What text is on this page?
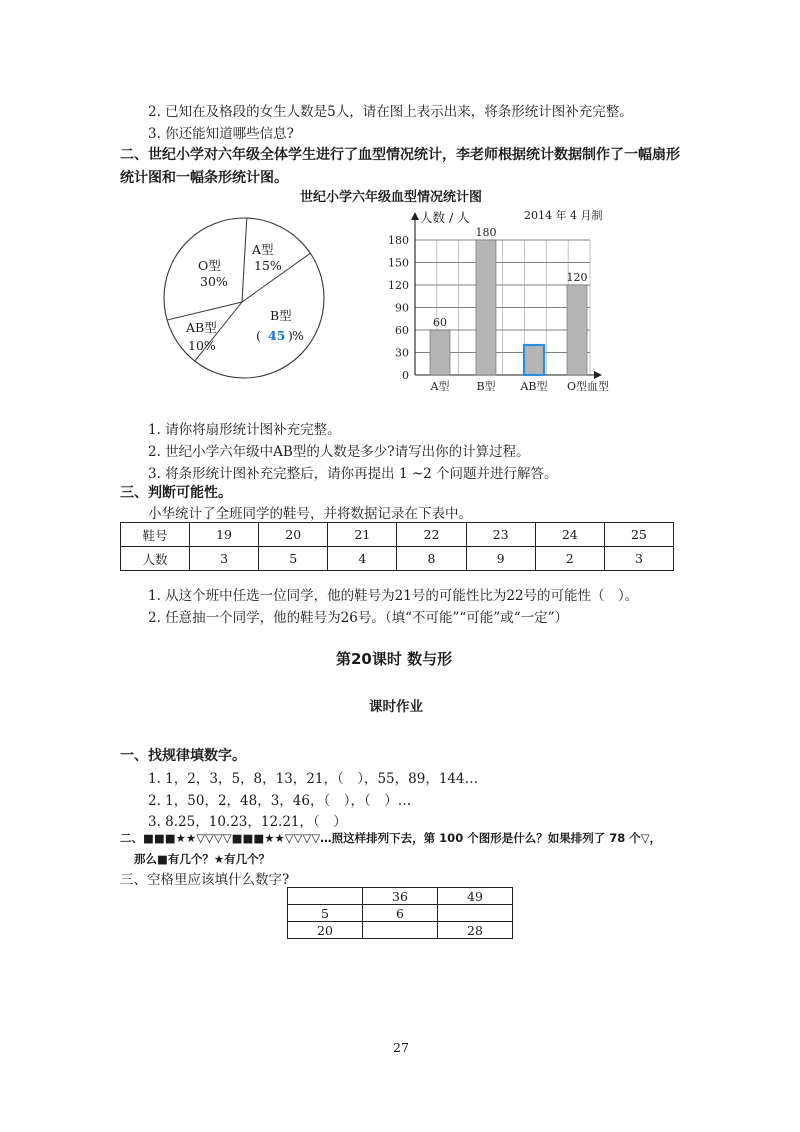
2. 已知在及格段的女生人数是5人，请在图上表示出来，将条形统计图补充完整。
3. 你还能知道哪些信息?
二、世纪小学对六年级全体学生进行了血型情况统计，李老师根据统计数据制作了一幅扇形
统计图和一幅条形统计图。
世纪小学六年级血型情况统计图
A型
15%
O型
30%
B型
( 45 ) %
AB型
10%
0
30
60
90
120
150
180
60
A型
180
B型 AB型
120
O型 血型
人数 / 人	2014 年 4 月制
1. 请你将扇形统计图补充完整。
2. 世纪小学六年级中AB型的人数是多少?请写出你的计算过程。
3. 将条形统计图补充完整后，请你再提出 1 ~2 个问题并进行解答。
三、判断可能性。
小华统计了全班同学的鞋号，并将数据记录在下表中。
鞋号	19	20	21	22	23	24	25
人数	3	5	4	8	9	2	3
1. 从这个班中任选一位同学，他的鞋号为21号的可能性比为22号的可能性（　）。
2. 任意抽一个同学，他的鞋号为26号。（填“不可能”“可能”或“一定”）
第20课时 数与形
课时作业
一、找规律填数字。
1. 1，2，3，5，8，13，21，（　），55，89，144…
2. 1，50，2，48，3，46，（　），（　）…
3. 8.25，10.23，12.21，（　）
二、■■■★★▽▽▽▽■■■★★▽▽▽▽…照这样排列下去，第 100 个图形是什么？如果排列了 78 个▽，
那么■有几个？★有几个？
三、空格里应该填什么数字?
	36	49
5	6	
20		28
27
